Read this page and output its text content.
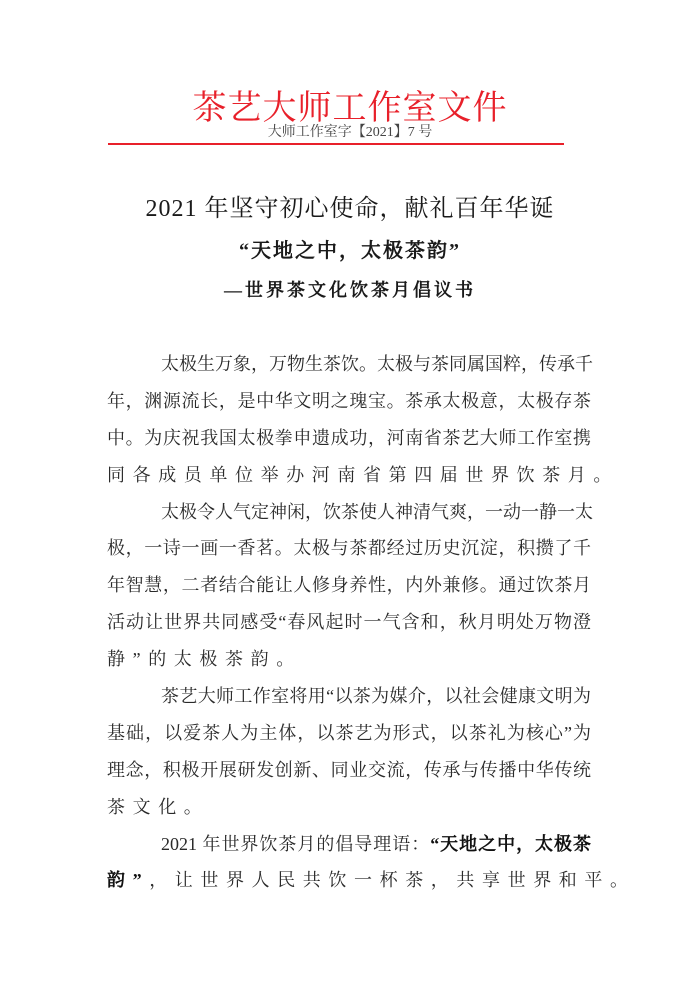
茶艺大师工作室文件
大师工作室字【2021】7 号
2021 年坚守初心使命，献礼百年华诞
“天地之中，太极茶韵”
—世界茶文化饮茶月倡议书
太极生万象，万物生茶饮。太极与茶同属国粹，传承千
年，渊源流长，是中华文明之瑰宝。茶承太极意，太极存茶
中。为庆祝我国太极拳申遗成功，河南省茶艺大师工作室携
同各成员单位举办河南省第四届世界饮茶月。
太极令人气定神闲，饮茶使人神清气爽，一动一静一太
极，一诗一画一香茗。太极与茶都经过历史沉淀，积攒了千
年智慧，二者结合能让人修身养性，内外兼修。通过饮茶月
活动让世界共同感受“春风起时一气含和，秋月明处万物澄
静”的太极茶韵。
茶艺大师工作室将用“以茶为媒介，以社会健康文明为
基础，以爱茶人为主体，以茶艺为形式，以茶礼为核心”为
理念，积极开展研发创新、同业交流，传承与传播中华传统
茶文化。
2021 年世界饮茶月的倡导理语：“天地之中，太极茶
韵”，让世界人民共饮一杯茶，共享世界和平。
